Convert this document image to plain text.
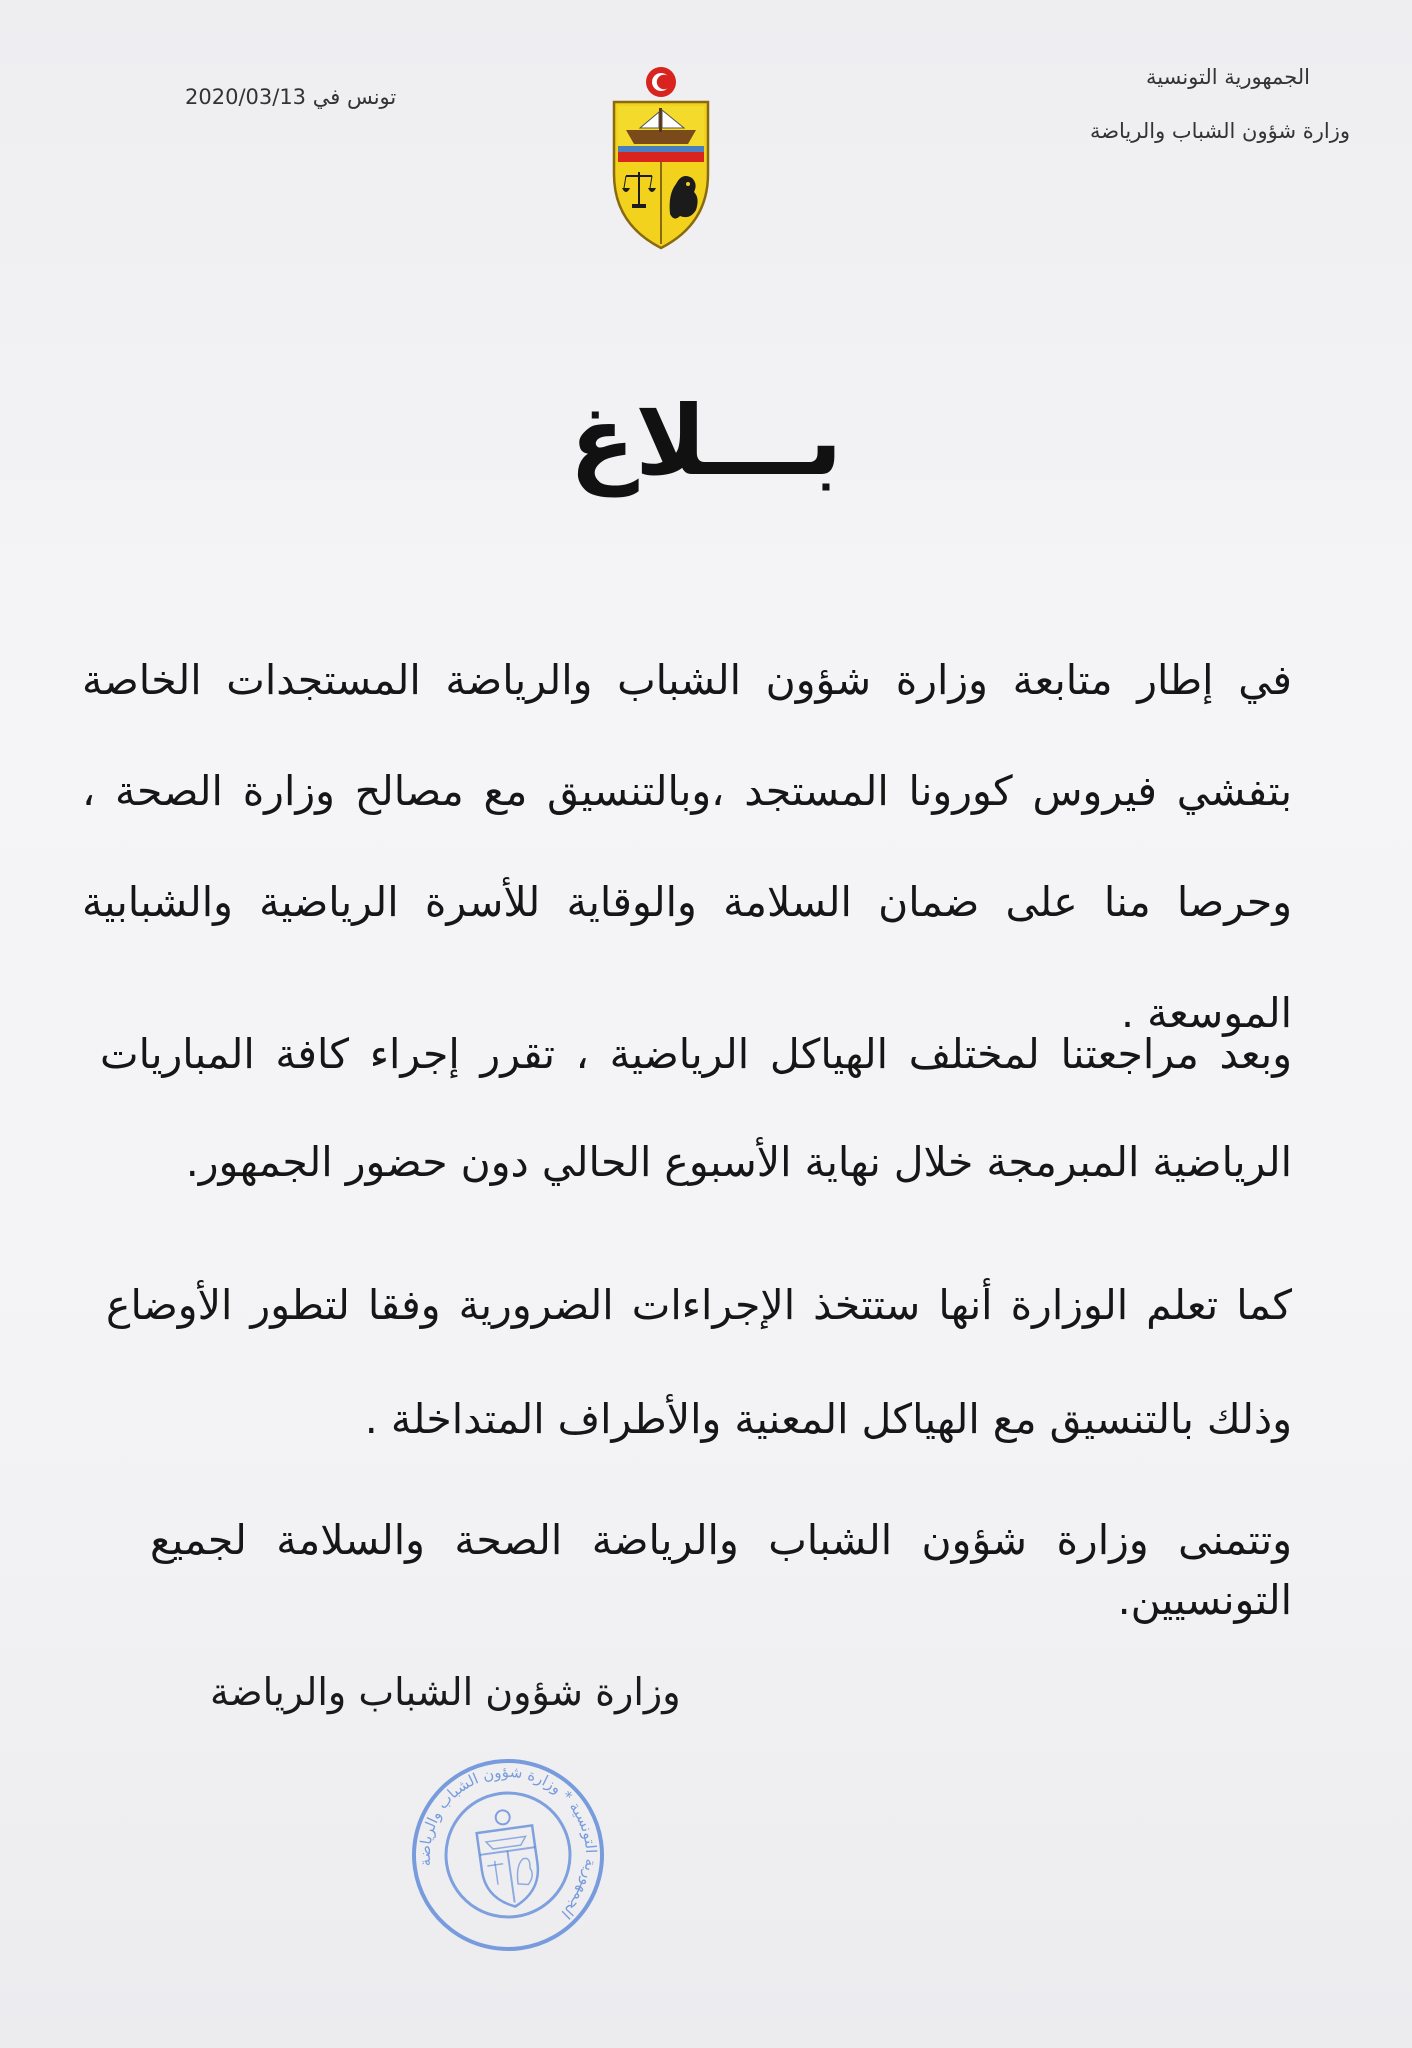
الجمهورية التونسية
وزارة شؤون الشباب والرياضة
تونس في 2020/03/13
بـــلاغ
في إطار متابعة وزارة شؤون الشباب والرياضة المستجدات الخاصة بتفشي فيروس كورونا المستجد ،وبالتنسيق مع مصالح وزارة الصحة ، وحرصا منا على ضمان السلامة والوقاية للأسرة الرياضية والشبابية الموسعة .
وبعد مراجعتنا لمختلف الهياكل الرياضية ، تقرر إجراء كافة المباريات الرياضية المبرمجة خلال نهاية الأسبوع الحالي دون حضور الجمهور.
كما تعلم الوزارة أنها ستتخذ الإجراءات الضرورية وفقا لتطور الأوضاع وذلك بالتنسيق مع الهياكل المعنية والأطراف المتداخلة .
وتتمنى وزارة شؤون الشباب والرياضة الصحة والسلامة لجميع التونسيين.
وزارة شؤون الشباب والرياضة
الجمهورية التونسية * وزارة شؤون الشباب والرياضة
